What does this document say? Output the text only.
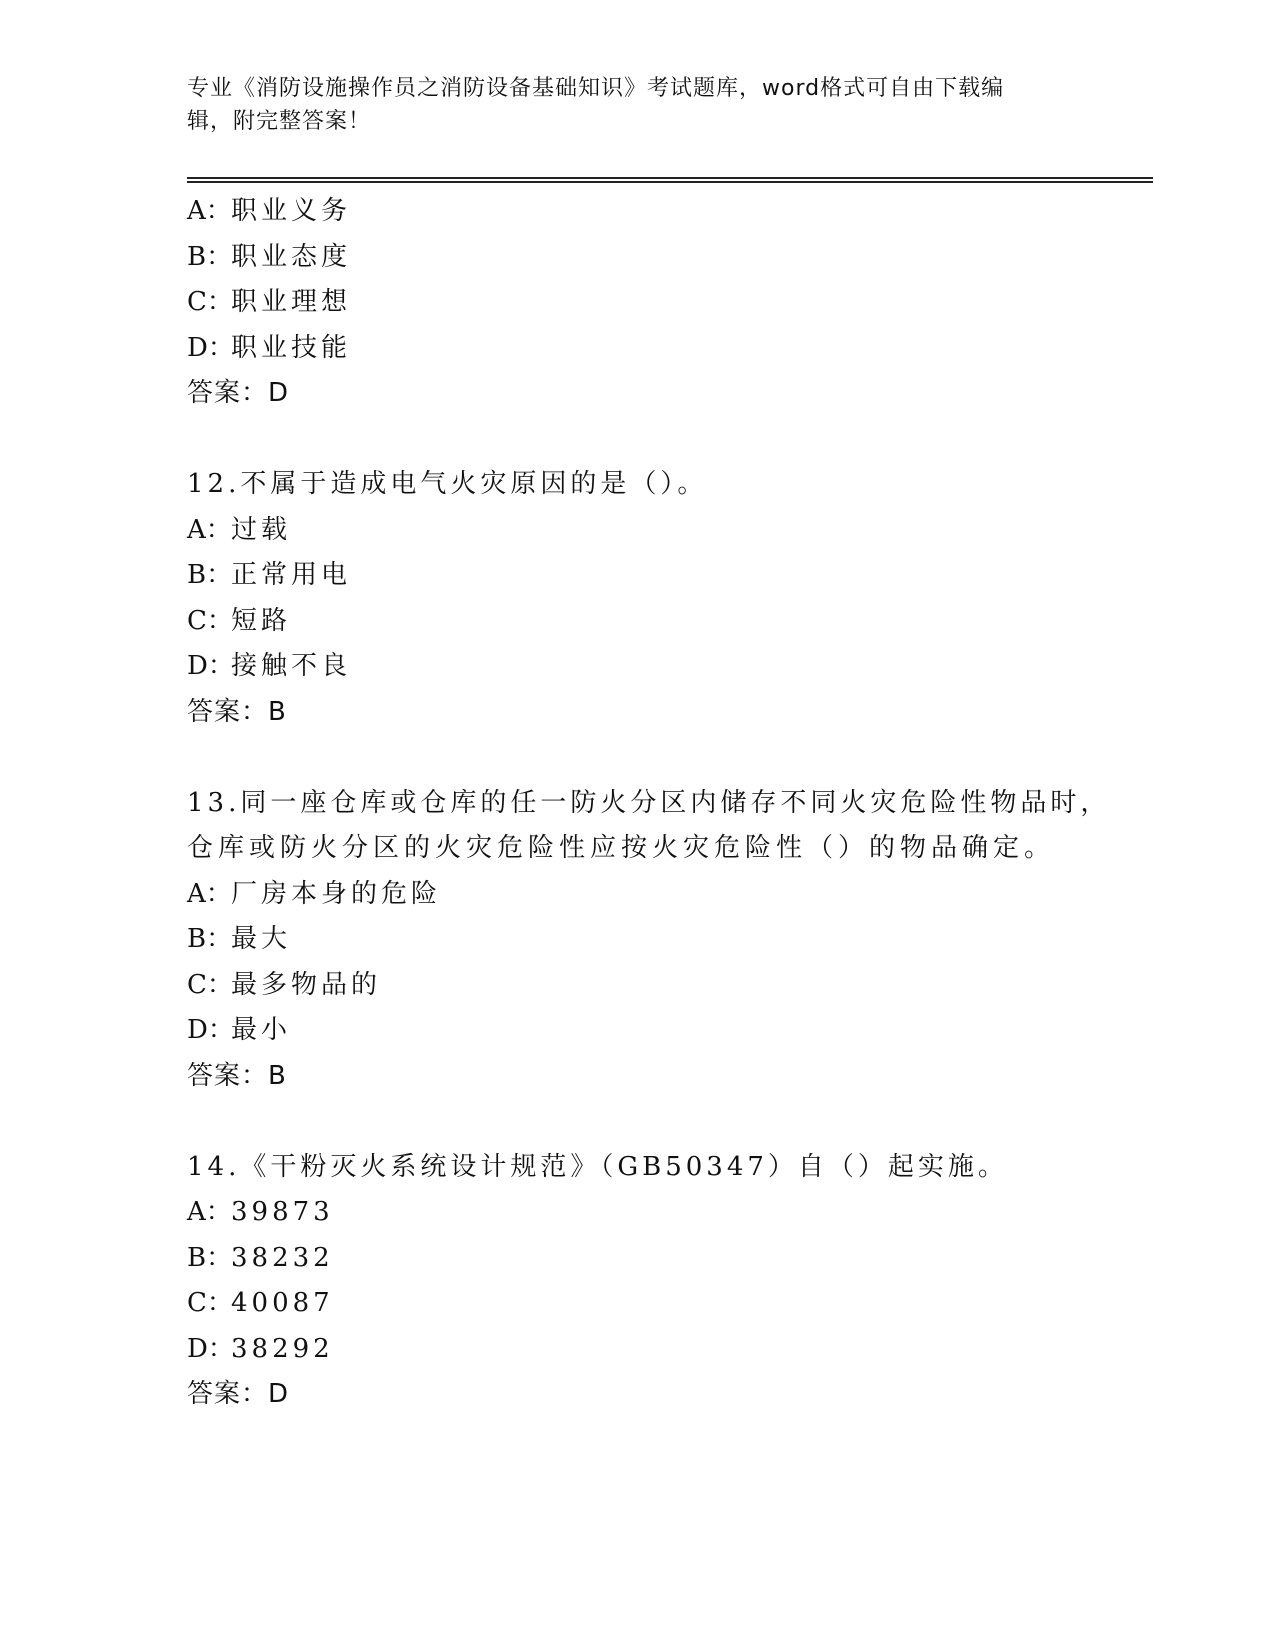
专业《消防设施操作员之消防设备基础知识》考试题库，word格式可自由下载编
辑，附完整答案！
A：职业义务
B：职业态度
C：职业理想
D：职业技能
答案：D
12.不属于造成电气火灾原因的是（）。
A：过载
B：正常用电
C：短路
D：接触不良
答案：B
13.同一座仓库或仓库的任一防火分区内储存不同火灾危险性物品时，
仓库或防火分区的火灾危险性应按火灾危险性（）的物品确定。
A：厂房本身的危险
B：最大
C：最多物品的
D：最小
答案：B
14.《干粉灭火系统设计规范》（GB50347）自（）起实施。
A：39873
B：38232
C：40087
D：38292
答案：D
